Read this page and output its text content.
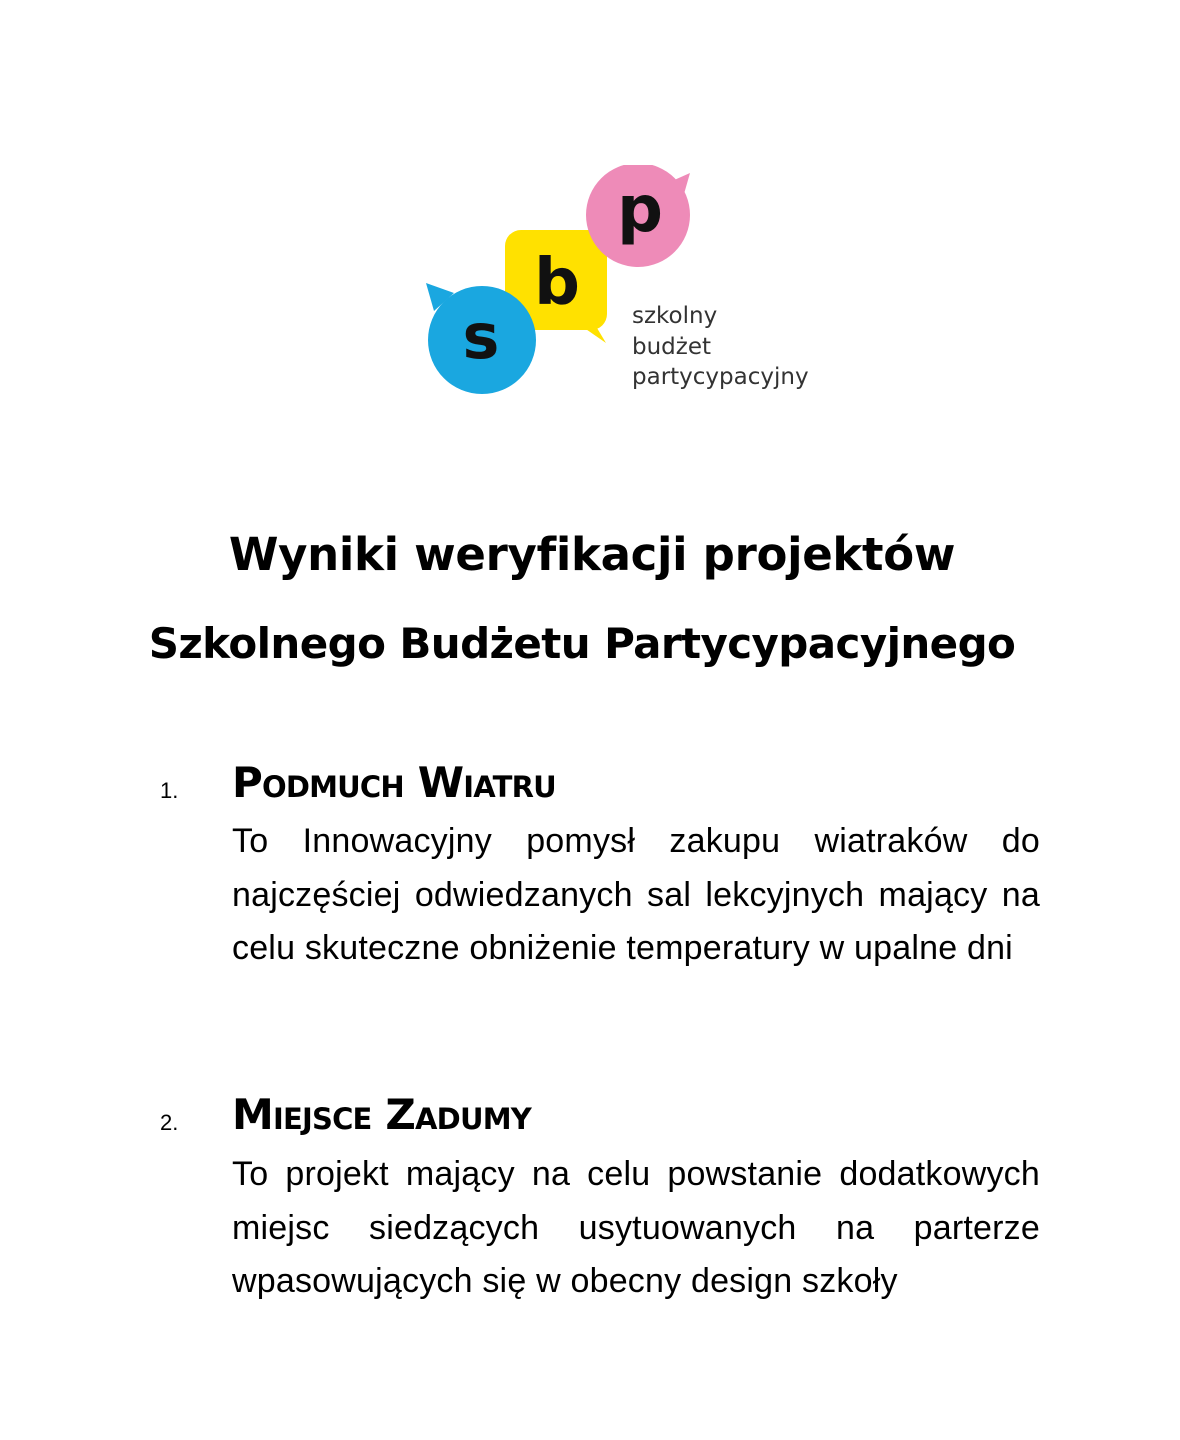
s
b
p
szkolny
budżet
partycypacyjny
Wyniki weryfikacji projektów
Szkolnego Budżetu Partycypacyjnego
1. Podmuch Wiatru

To Innowacyjny pomysł zakupu wiatraków do najczęściej odwiedzanych sal lekcyjnych mający na celu skuteczne obniżenie temperatury w upalne dni

2. Miejsce Zadumy

To projekt mający na celu powstanie dodatkowych miejsc siedzących usytuowanych na parterze wpasowujących się w obecny design szkoły
